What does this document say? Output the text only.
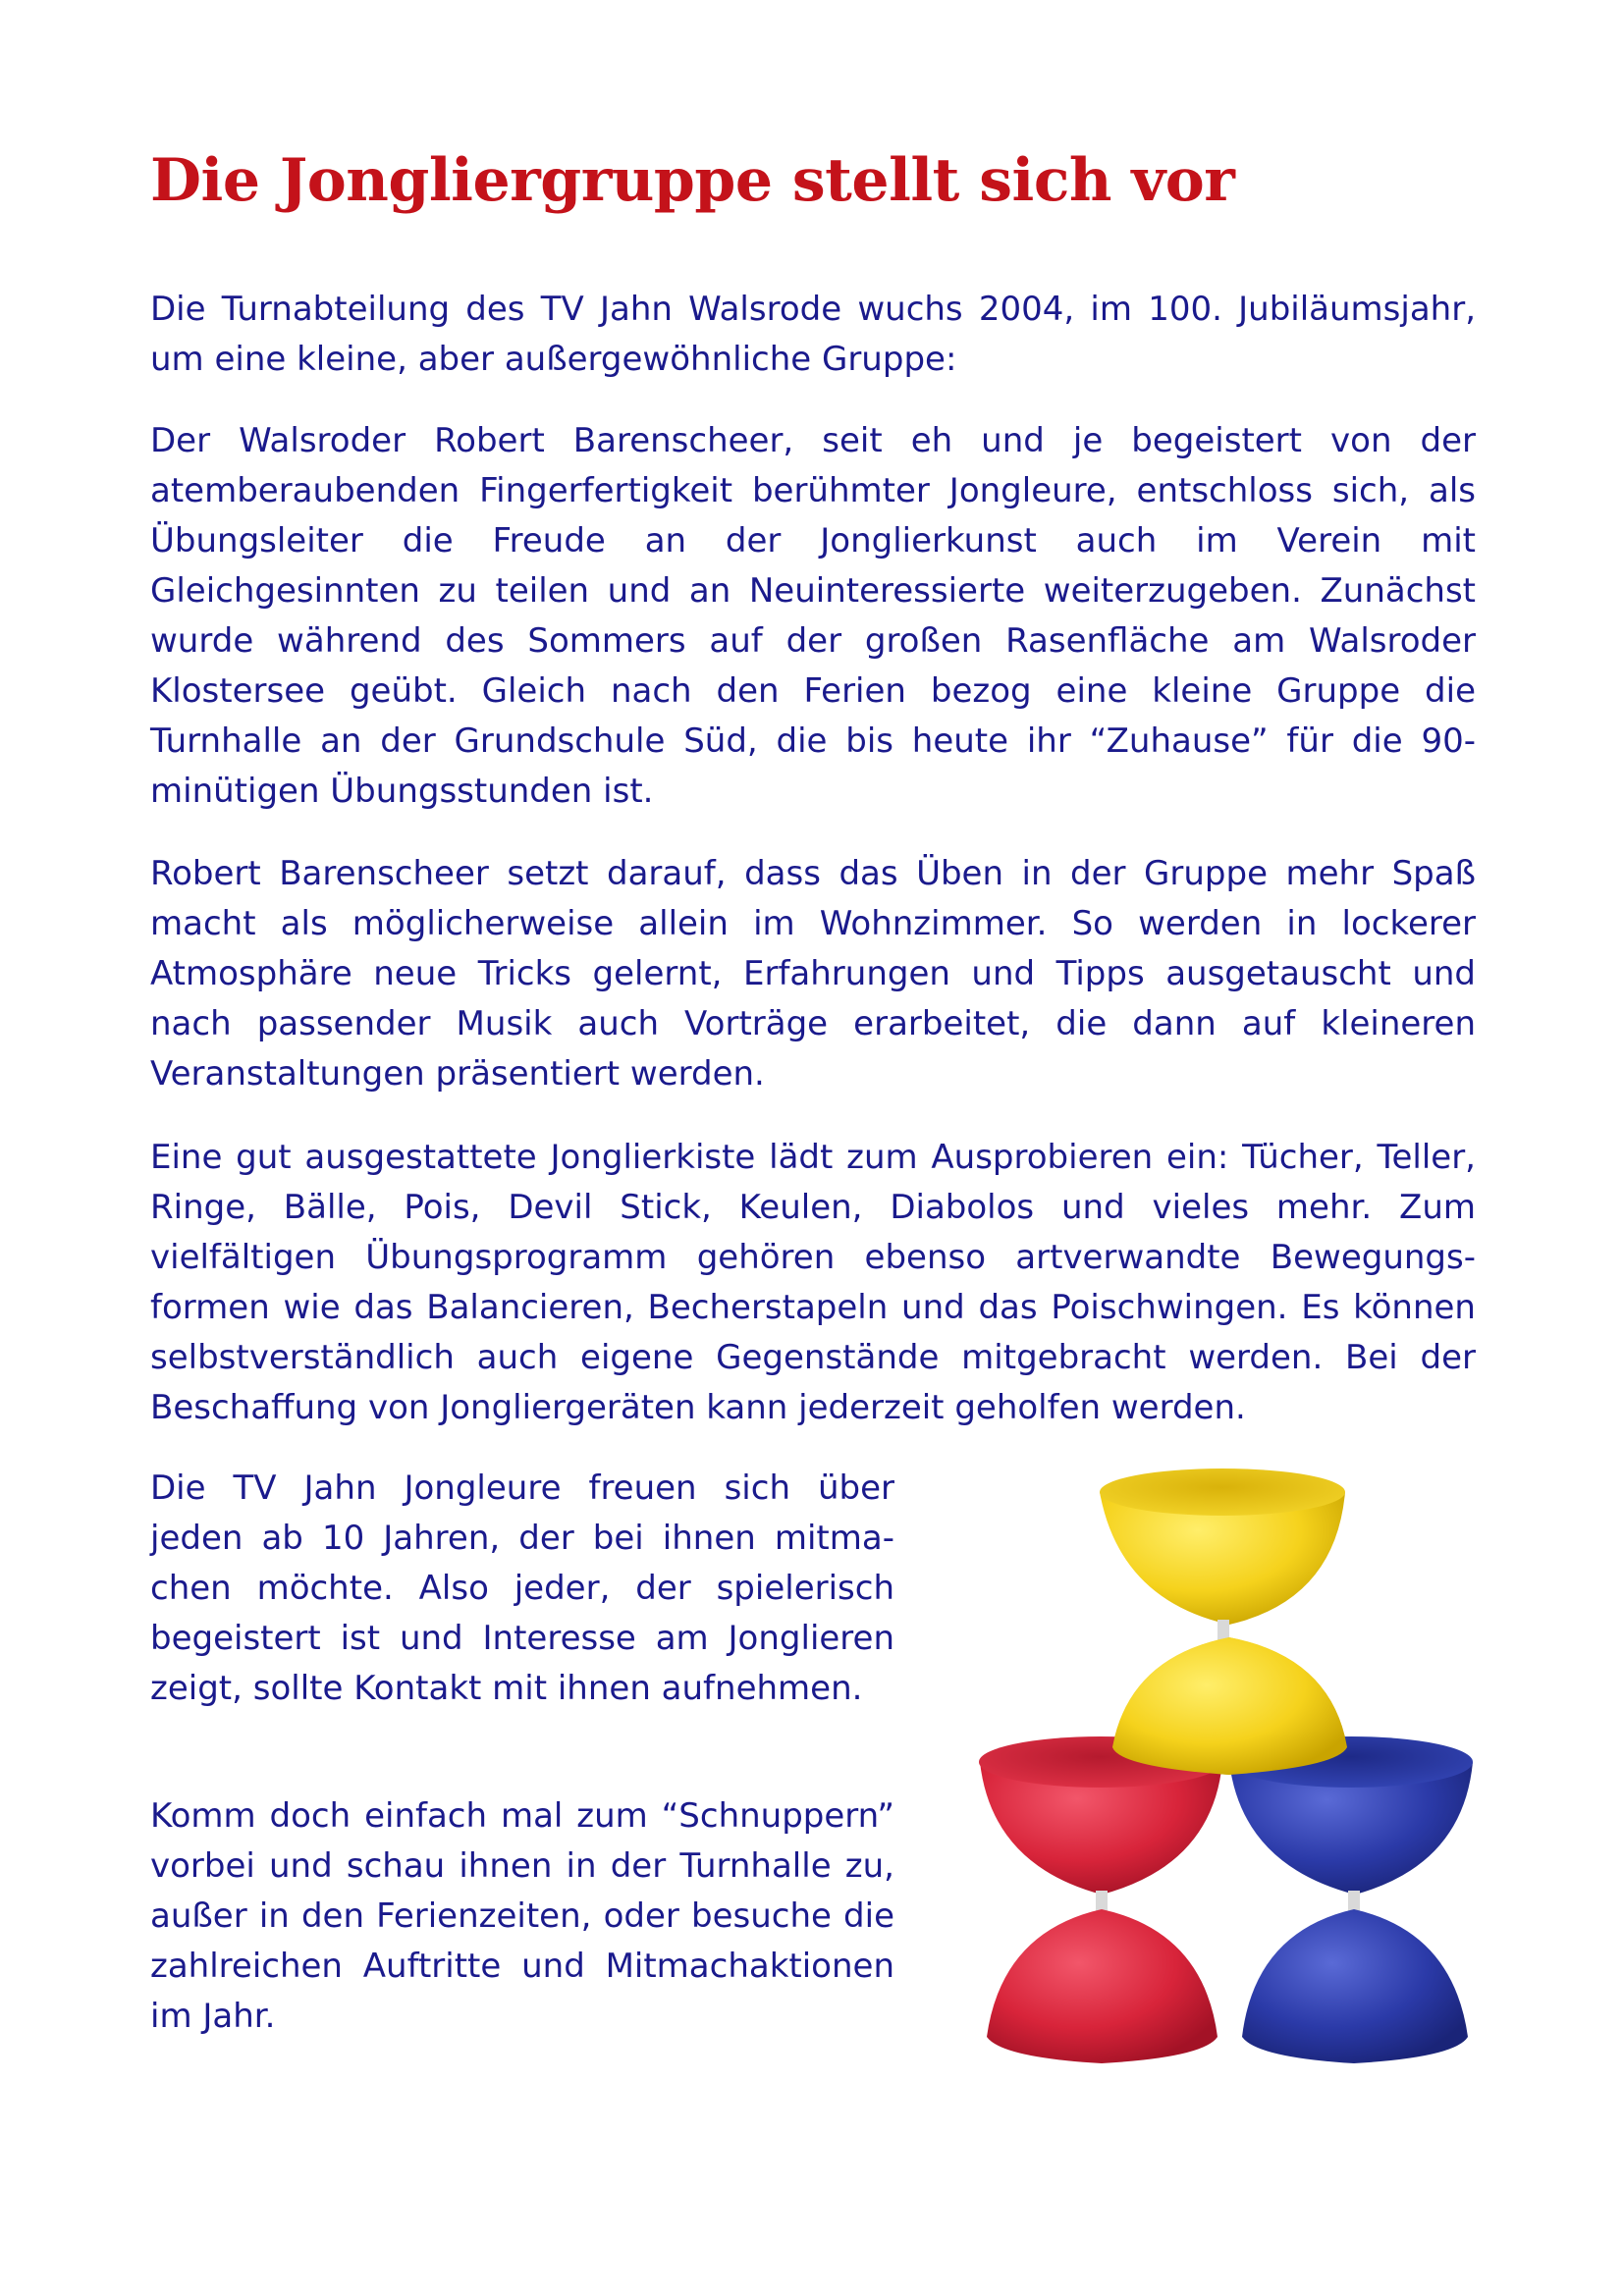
Die Jongliergruppe stellt sich vor

Die Turnabteilung des TV Jahn Walsrode wuchs 2004, im 100. Jubiläumsjahr, um eine kleine, aber außergewöhnliche Gruppe:

Der Walsroder Robert Barenscheer, seit eh und je begeistert von der atemberaubenden Fingerfertigkeit berühmter Jongleure, entschloss sich, als Übungsleiter die Freude an der Jonglierkunst auch im Verein mit Gleichgesinnten zu teilen und an Neuinteressierte weiterzugeben. Zunächst wurde während des Sommers auf der großen Rasenfläche am Walsroder Klostersee geübt. Gleich nach den Ferien bezog eine kleine Gruppe die Turnhalle an der Grundschule Süd, die bis heute ihr “Zuhause” für die 90-minütigen Übungsstunden ist.

Robert Barenscheer setzt darauf, dass das Üben in der Gruppe mehr Spaß macht als möglicherweise allein im Wohnzimmer. So werden in lockerer Atmosphäre neue Tricks gelernt, Erfahrungen und Tipps ausgetauscht und nach passender Musik auch Vorträge erarbeitet, die dann auf kleineren Veranstaltungen präsentiert werden.

Eine gut ausgestattete Jonglierkiste lädt zum Ausprobieren ein: Tücher, Teller, Ringe, Bälle, Pois, Devil Stick, Keulen, Diabolos und vieles mehr. Zum vielfältigen Übungsprogramm gehören ebenso artverwandte Bewegungsformen wie das Balancieren, Becherstapeln und das Poischwingen. Es können selbstverständlich auch eigene Gegenstände mitgebracht werden. Bei der Beschaffung von Jongliergeräten kann jederzeit geholfen werden.

Die TV Jahn Jongleure freuen sich über jeden ab 10 Jahren, der bei ihnen mitmachen möchte. Also jeder, der spielerisch begeistert ist und Interesse am Jonglieren zeigt, sollte Kontakt mit ihnen aufnehmen.

Komm doch einfach mal zum “Schnuppern” vorbei und schau ihnen in der Turnhalle zu, außer in den Ferienzeiten, oder besuche die zahlreichen Auftritte und Mitmachaktionen im Jahr.
